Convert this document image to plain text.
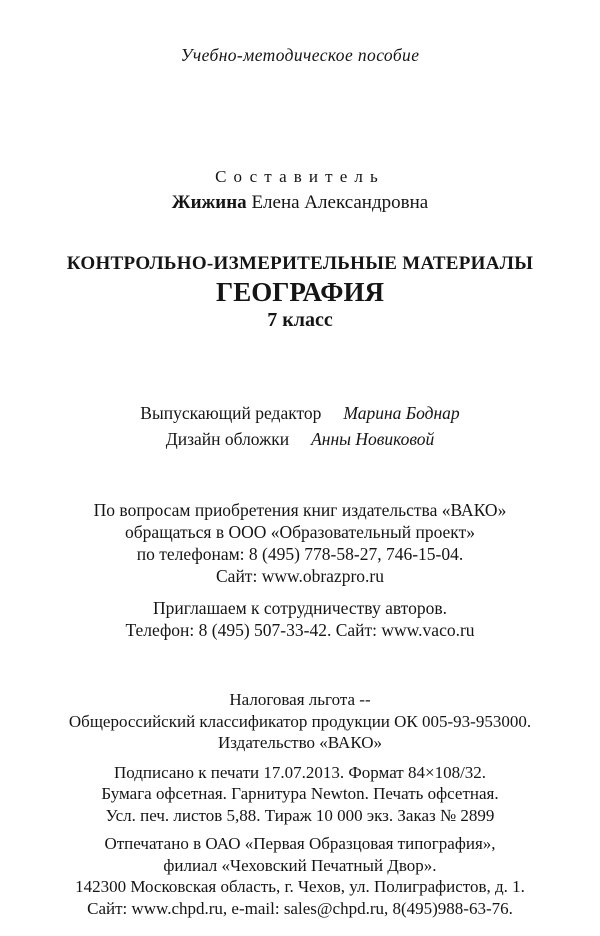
Учебно-методическое пособие
Составитель
Жижина Елена Александровна
КОНТРОЛЬНО-ИЗМЕРИТЕЛЬНЫЕ МАТЕРИАЛЫ
ГЕОГРАФИЯ
7 класс
Выпускающий редактор Марина Боднар
Дизайн обложки Анны Новиковой
По вопросам приобретения книг издательства «ВАКО»
обращаться в ООО «Образовательный проект»
по телефонам: 8 (495) 778-58-27, 746-15-04.
Сайт: www.obrazpro.ru
Приглашаем к сотрудничеству авторов.
Телефон: 8 (495) 507-33-42. Сайт: www.vaco.ru
Налоговая льгота --
Общероссийский классификатор продукции ОК 005-93-953000.
Издательство «ВАКО»
Подписано к печати 17.07.2013. Формат 84×108/32.
Бумага офсетная. Гарнитура Newton. Печать офсетная.
Усл. печ. листов 5,88. Тираж 10 000 экз. Заказ № 2899
Отпечатано в ОАО «Первая Образцовая типография»,
филиал «Чеховский Печатный Двор».
142300 Московская область, г. Чехов, ул. Полиграфистов, д. 1.
Сайт: www.chpd.ru, e-mail: sales@chpd.ru, 8(495)988-63-76.
